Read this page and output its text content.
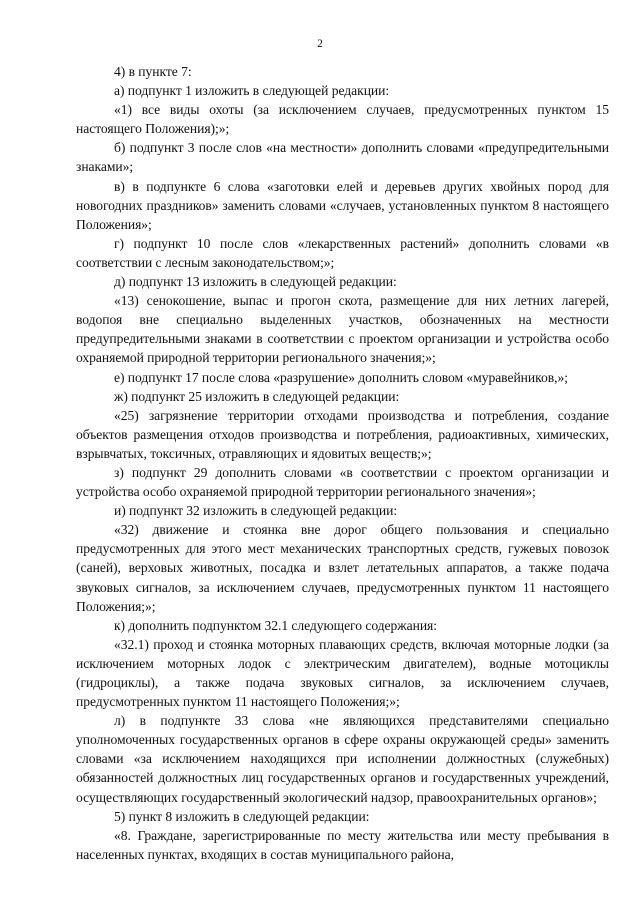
2

4) в пункте 7:

а) подпункт 1 изложить в следующей редакции:

«1) все виды охоты (за исключением случаев, предусмотренных пунктом 15 настоящего Положения);»;

б) подпункт 3 после слов «на местности» дополнить словами «предупредительными знаками»;

в) в подпункте 6 слова «заготовки елей и деревьев других хвойных пород для новогодних праздников» заменить словами «случаев, установленных пунктом 8 настоящего Положения»;

г) подпункт 10 после слов «лекарственных растений» дополнить словами «в соответствии с лесным законодательством;»;

д) подпункт 13 изложить в следующей редакции:

«13) сенокошение, выпас и прогон скота, размещение для них летних лагерей, водопоя вне специально выделенных участков, обозначенных на местности предупредительными знаками в соответствии с проектом организации и устройства особо охраняемой природной территории регионального значения;»;

е) подпункт 17 после слова «разрушение» дополнить словом «муравейников,»;

ж) подпункт 25 изложить в следующей редакции:

«25) загрязнение территории отходами производства и потребления, создание объектов размещения отходов производства и потребления, радиоактивных, химических, взрывчатых, токсичных, отравляющих и ядовитых веществ;»;

з) подпункт 29 дополнить словами «в соответствии с проектом организации и устройства особо охраняемой природной территории регионального значения»;

и) подпункт 32 изложить в следующей редакции:

«32) движение и стоянка вне дорог общего пользования и специально предусмотренных для этого мест механических транспортных средств, гужевых повозок (саней), верховых животных, посадка и взлет летательных аппаратов, а также подача звуковых сигналов, за исключением случаев, предусмотренных пунктом 11 настоящего Положения;»;

к) дополнить подпунктом 32.1 следующего содержания:

«32.1) проход и стоянка моторных плавающих средств, включая моторные лодки (за исключением моторных лодок с электрическим двигателем), водные мотоциклы (гидроциклы), а также подача звуковых сигналов, за исключением случаев, предусмотренных пунктом 11 настоящего Положения;»;

л) в подпункте 33 слова «не являющихся представителями специально уполномоченных государственных органов в сфере охраны окружающей среды» заменить словами «за исключением находящихся при исполнении должностных (служебных) обязанностей должностных лиц государственных органов и государственных учреждений, осуществляющих государственный экологический надзор, правоохранительных органов»;

5) пункт 8 изложить в следующей редакции:

«8. Граждане, зарегистрированные по месту жительства или месту пребывания в населенных пунктах, входящих в состав муниципального района,
